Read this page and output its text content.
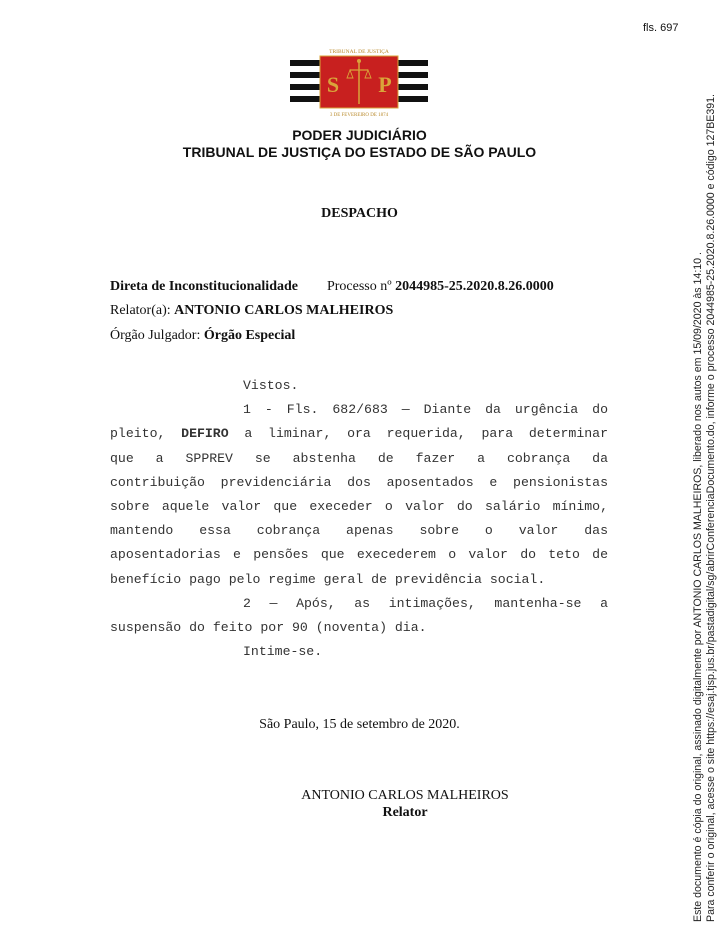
fls. 697
S P
TRIBUNAL DE JUSTIÇA
3 DE FEVEREIRO DE 1874
PODER JUDICIÁRIO
TRIBUNAL DE JUSTIÇA DO ESTADO DE SÃO PAULO
DESPACHO
Direta de Inconstitucionalidade Processo nº 2044985-25.2020.8.26.0000
Relator(a): ANTONIO CARLOS MALHEIROS
Órgão Julgador: Órgão Especial

Vistos.

1 - Fls. 682/683 — Diante da urgência do

pleito, DEFIRO a liminar, ora requerida, para determinar

que a SPPREV se abstenha de fazer a cobrança da

contribuição previdenciária dos aposentados e pensionistas

sobre aquele valor que execeder o valor do salário mínimo,

mantendo essa cobrança apenas sobre o valor das

aposentadorias e pensões que execederem o valor do teto de

benefício pago pelo regime geral de previdência social.

2 — Após, as intimações, mantenha-se a

suspensão do feito por 90 (noventa) dia.

Intime-se.

São Paulo, 15 de setembro de 2020.
ANTONIO CARLOS MALHEIROS
Relator	Este documento é cópia do original, assinado digitalmente por ANTONIO CARLOS MALHEIROS, liberado nos autos em 15/09/2020 às 14:10 . Para conferir o original, acesse o site https://esaj.tjsp.jus.br/pastadigital/sg/abrirConferenciaDocumento.do, informe o processo 2044985-25.2020.8.26.0000 e código 127BE391.
